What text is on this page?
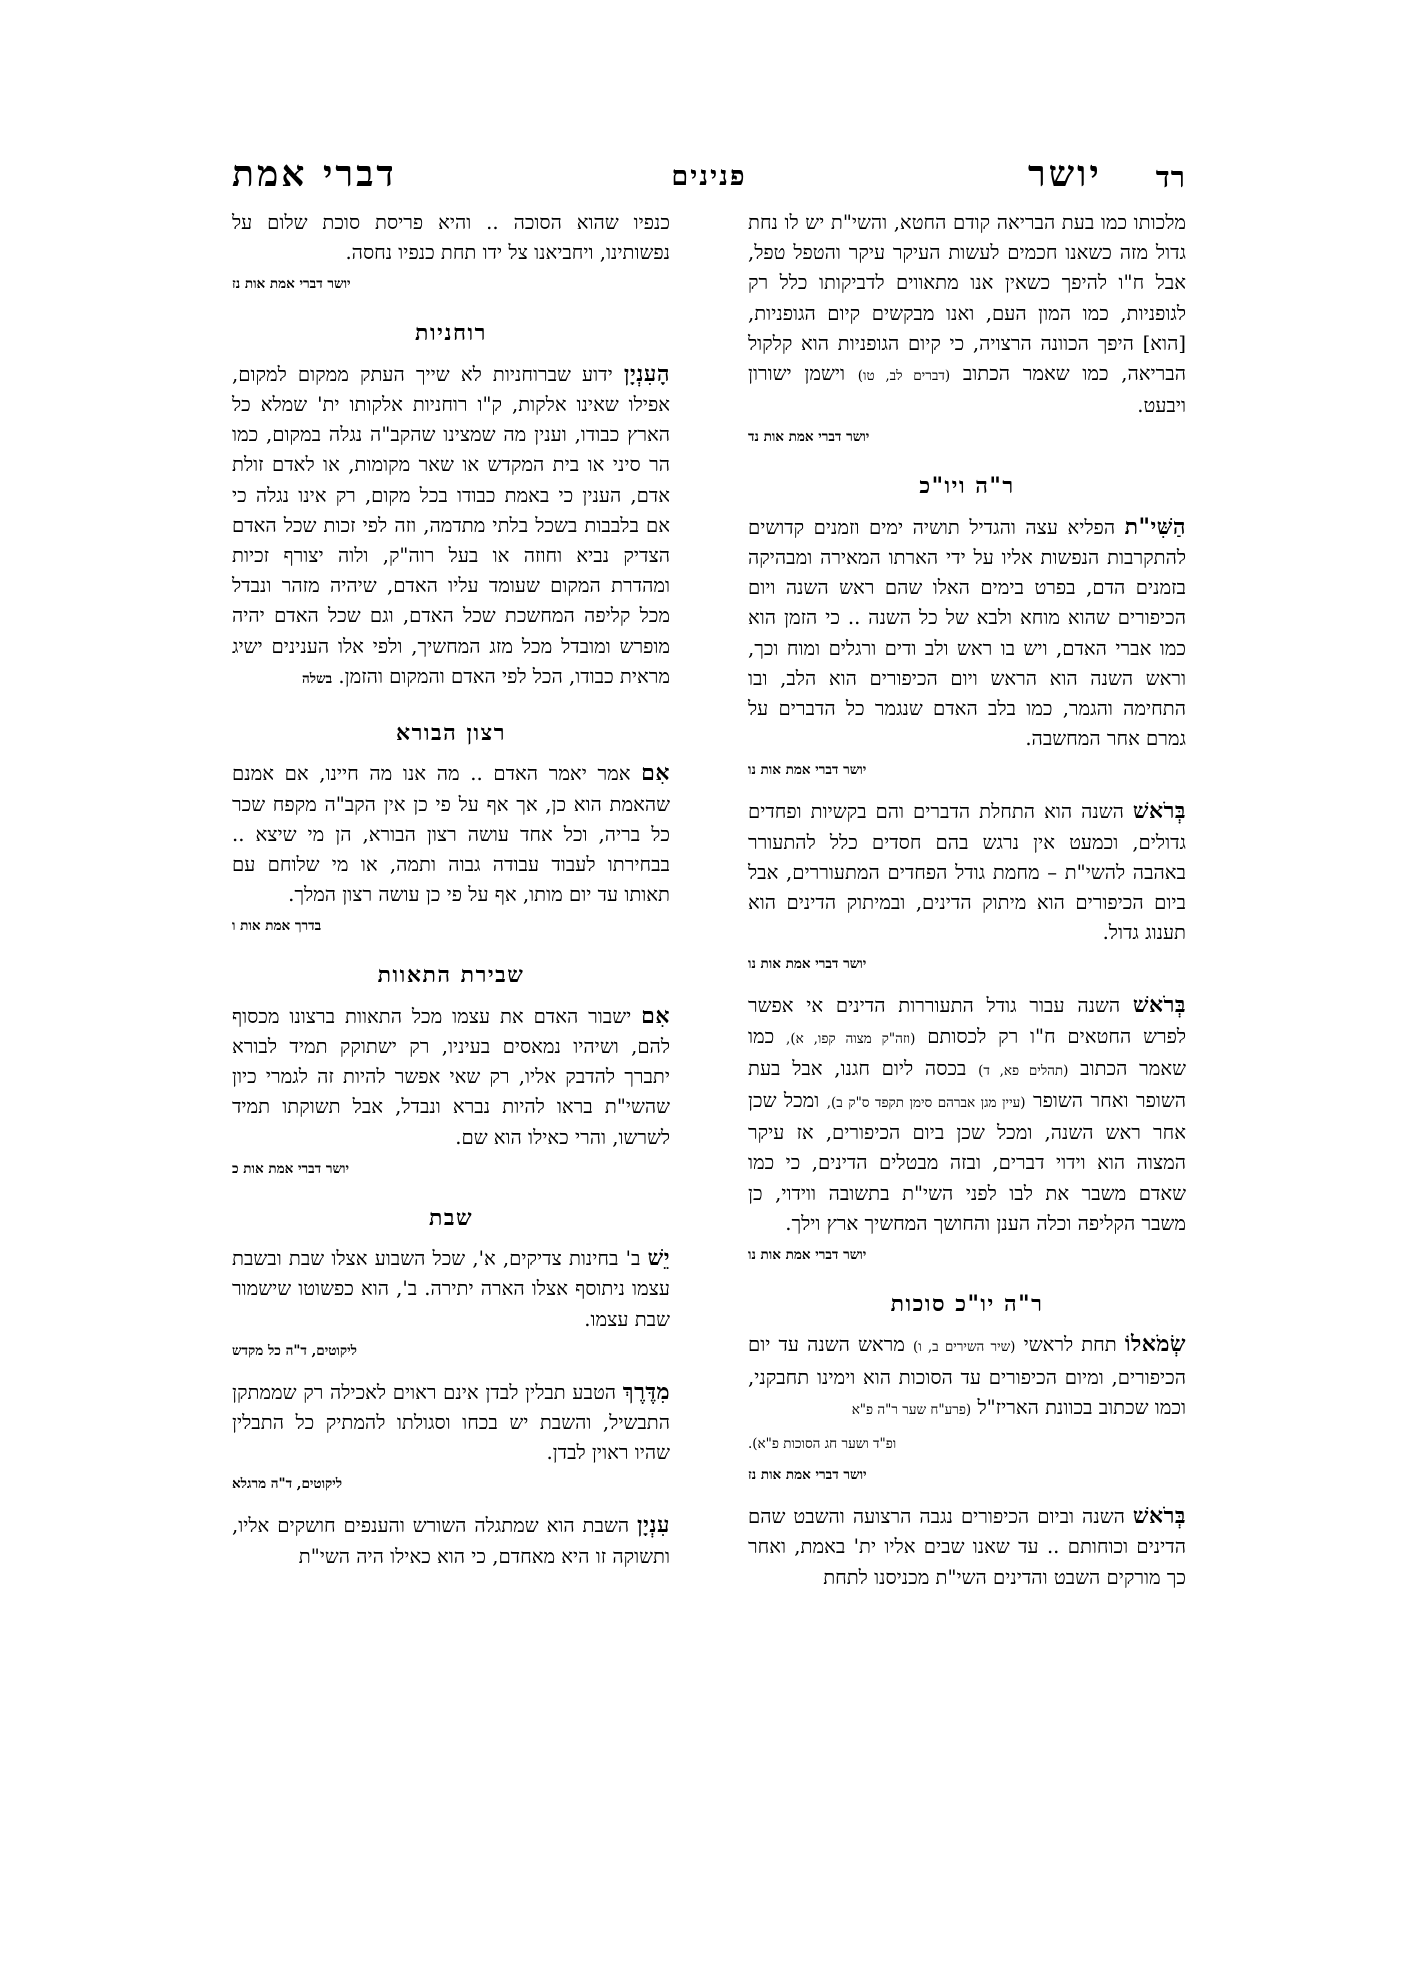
רד
יושר
פנינים
דברי אמת

מלכותו כמו בעת הבריאה קודם החטא, והשי"ת יש לו נחת גדול מזה כשאנו חכמים לעשות העיקר עיקר והטפל טפל, אבל ח"ו להיפך כשאין אנו מתאווים לדביקותו כלל רק לגופניות, כמו המון העם, ואנו מבקשים קיום הגופניות, [הוא] היפך הכוונה הרצויה, כי קיום הגופניות הוא קלקול הבריאה, כמו שאמר הכתוב (דברים לב, טו) וישמן ישורון ויבעט.

יושר דברי אמת אות נד
ר"ה ויו"כ

הַשִּׁי"ת הפליא עצה והגדיל תושיה ימים וזמנים קדושים להתקרבות הנפשות אליו על ידי הארתו המאירה ומבהיקה בזמנים הדם, בפרט בימים האלו שהם ראש השנה ויום הכיפורים שהוא מוחא ולבא של כל השנה .. כי הזמן הוא כמו אברי האדם, ויש בו ראש ולב ודים ורגלים ומוח וכך, וראש השנה הוא הראש ויום הכיפורים הוא הלב, ובו התחימה והגמר, כמו בלב האדם שנגמר כל הדברים על גמרם אחר המחשבה.

יושר דברי אמת אות נו

בְּרֹאשׁ השנה הוא התחלת הדברים והם בקשיות ופחדים גדולים, וכמעט אין נרגש בהם חסדים כלל להתעורר באהבה להשי"ת – מחמת גודל הפחדים המתעוררים, אבל ביום הכיפורים הוא מיתוק הדינים, ובמיתוק הדינים הוא תענוג גדול.

יושר דברי אמת אות נו

בְּרֹאשׁ השנה עבור גודל התעוררות הדינים אי אפשר לפרש החטאים ח"ו רק לכסותם (וזה"ק מצוה קפו, א), כמו שאמר הכתוב (תהלים פא, ד) בכסה ליום חגנו, אבל בעת השופר ואחר השופר (עיין מגן אברהם סימן תקפד ס"ק ב), ומכל שכן אחר ראש השנה, ומכל שכן ביום הכיפורים, אז עיקר המצוה הוא וידוי דברים, ובזה מבטלים הדינים, כי כמו שאדם משבר את לבו לפני השי"ת בתשובה ווידוי, כן משבר הקליפה וכלה הענן והחושך המחשיך ארץ וילך.

יושר דברי אמת אות נו
ר"ה יו"כ סוכות

שְׂמֹאלוֹ תחת לראשי (שיר השירים ב, ו) מראש השנה עד יום הכיפורים, ומיום הכיפורים עד הסוכות הוא וימינו תחבקני, וכמו שכתוב בכוונת האריז"ל (פרע"ח שער ר"ה פ"א

ופ"ד ושער חג הסוכות פ"א).

יושר דברי אמת אות נז

בְּרֹאשׁ השנה וביום הכיפורים נגבה הרצועה והשבט שהם הדינים וכוחותם .. עד שאנו שבים אליו ית' באמת, ואחר כך מורקים השבט והדינים השי"ת מכניסנו לתחת

כנפיו שהוא הסוכה .. והיא פריסת סוכת שלום על נפשותינו, ויחביאנו צל ידו תחת כנפיו נחסה.

יושר דברי אמת אות נז
רוחניות

הָעִנְיָן ידוע שברוחניות לא שייך העתק ממקום למקום, אפילו שאינו אלקות, ק"ו רוחניות אלקותו ית' שמלא כל הארץ כבודו, וענין מה שמצינו שהקב"ה נגלה במקום, כמו הר סיני או בית המקדש או שאר מקומות, או לאדם זולת אדם, הענין כי באמת כבודו בכל מקום, רק אינו נגלה כי אם בלבבות בשכל בלתי מתדמה, וזה לפי זכות שכל האדם הצדיק נביא וחוזה או בעל רוה"ק, ולוה יצורף זכיות ומהדרת המקום שעומד עליו האדם, שיהיה מזהר ונבדל מכל קליפה המחשכת שכל האדם, וגם שכל האדם יהיה מופרש ומובדל מכל מזג המחשיך, ולפי אלו הענינים ישיג מראית כבודו, הכל לפי האדם והמקום והזמן. בשלה

רצון הבורא

אִם אמר יאמר האדם .. מה אנו מה חיינו, אם אמנם שהאמת הוא כן, אך אף על פי כן אין הקב"ה מקפח שכר כל בריה, וכל אחד עושה רצון הבורא, הן מי שיצא .. בבחירתו לעבוד עבודה גבוה ותמה, או מי שלוחם עם תאותו עד יום מותו, אף על פי כן עושה רצון המלך.

בדרך אמת אות ו
שבירת התאוות

אִם ישבור האדם את עצמו מכל התאוות ברצונו מכסוף להם, ושיהיו נמאסים בעיניו, רק ישתוקק תמיד לבורא יתברך להדבק אליו, רק שאי אפשר להיות זה לגמרי כיון שהשי"ת בראו להיות נברא ונבדל, אבל תשוקתו תמיד לשרשו, והרי כאילו הוא שם.

יושר דברי אמת אות כ
שבת

יֵשׁ ב' בחינות צדיקים, א', שכל השבוע אצלו שבת ובשבת עצמו ניתוסף אצלו הארה יתירה. ב', הוא כפשוטו שישמור שבת עצמו.

ליקוטים, ד"ה כל מקדש

מִדֶּרֶךְ הטבע תבלין לבדן אינם ראוים לאכילה רק שממתקן התבשיל, והשבת יש בכחו וסגולתו להמתיק כל התבלין שהיו ראוין לבדן.

ליקוטים, ד"ה מרגלא

עִנְיָן השבת הוא שמתגלה השורש והענפים חושקים אליו, ותשוקה זו היא מאחדם, כי הוא כאילו היה השי"ת
